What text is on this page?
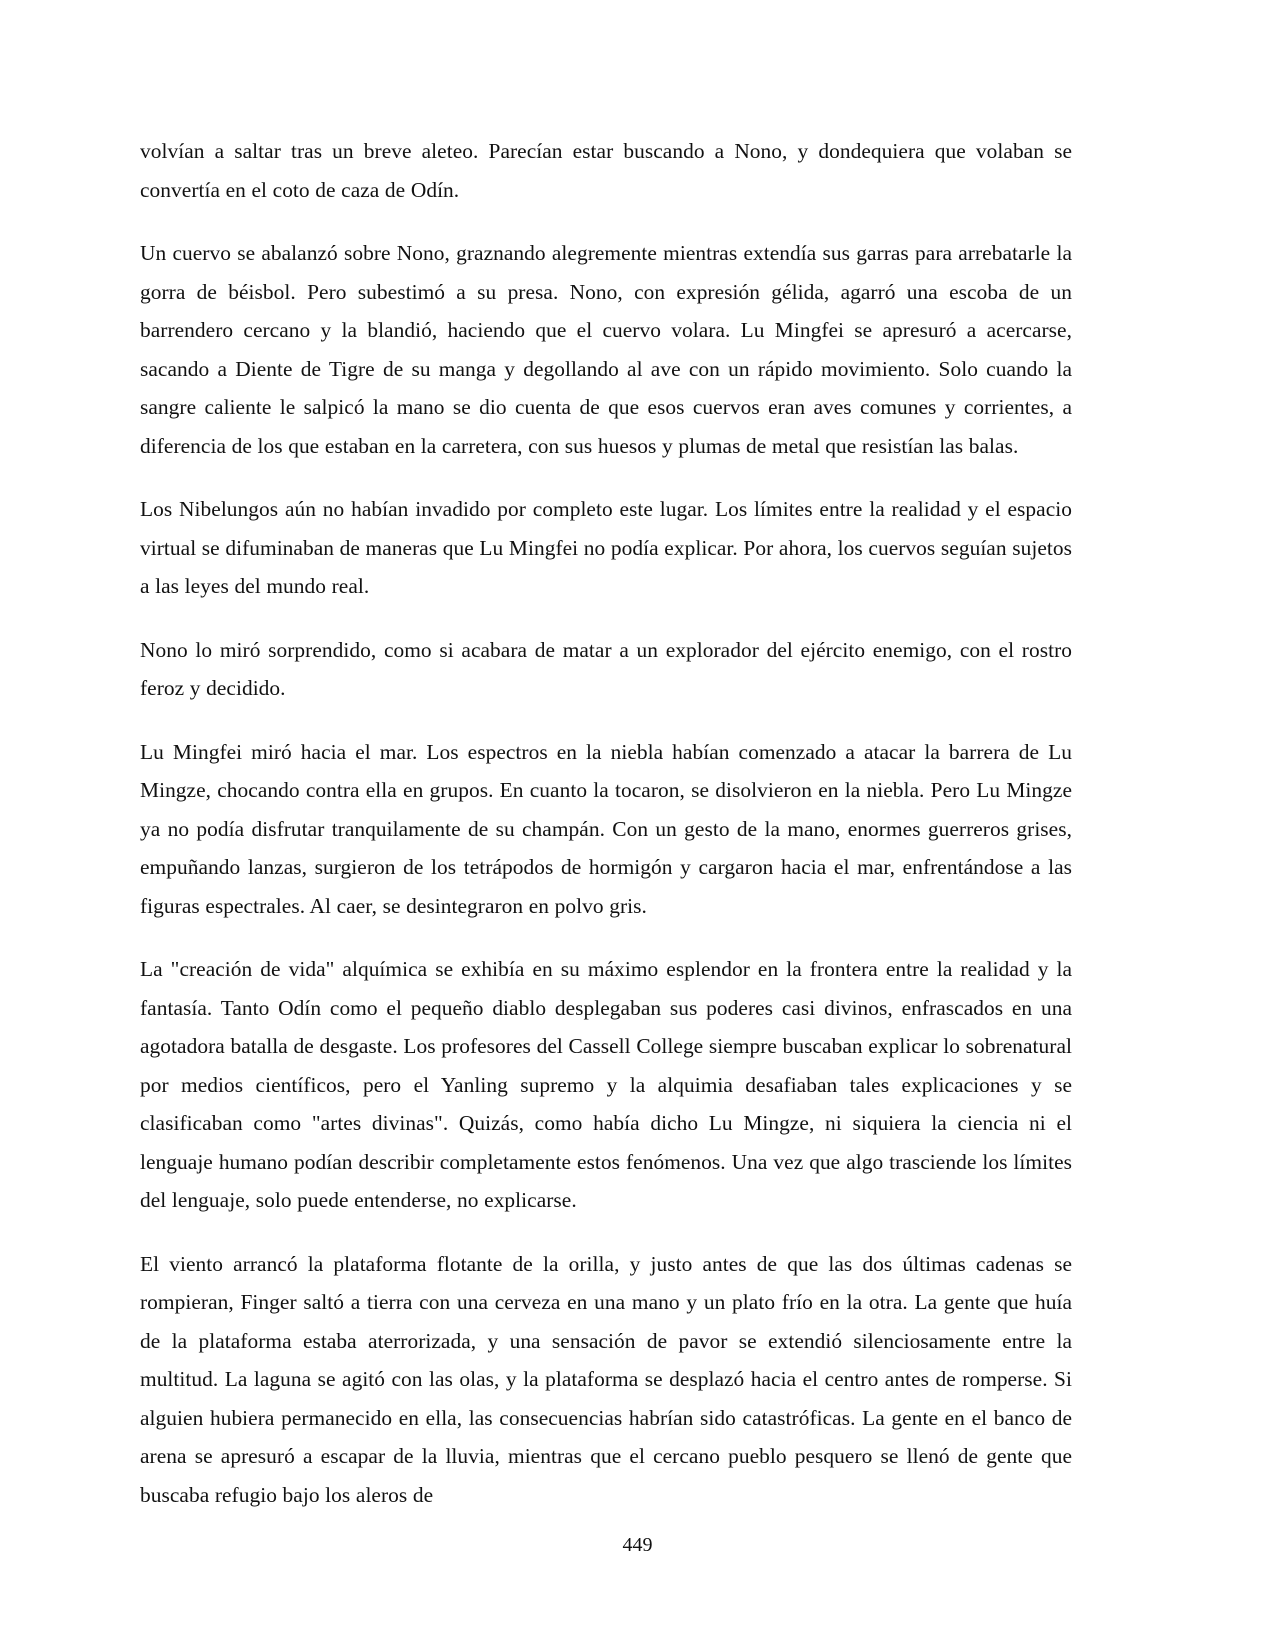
volvían a saltar tras un breve aleteo. Parecían estar buscando a Nono, y dondequiera que volaban se convertía en el coto de caza de Odín.

Un cuervo se abalanzó sobre Nono, graznando alegremente mientras extendía sus garras para arrebatarle la gorra de béisbol. Pero subestimó a su presa. Nono, con expresión gélida, agarró una escoba de un barrendero cercano y la blandió, haciendo que el cuervo volara. Lu Mingfei se apresuró a acercarse, sacando a Diente de Tigre de su manga y degollando al ave con un rápido movimiento. Solo cuando la sangre caliente le salpicó la mano se dio cuenta de que esos cuervos eran aves comunes y corrientes, a diferencia de los que estaban en la carretera, con sus huesos y plumas de metal que resistían las balas.

Los Nibelungos aún no habían invadido por completo este lugar. Los límites entre la realidad y el espacio virtual se difuminaban de maneras que Lu Mingfei no podía explicar. Por ahora, los cuervos seguían sujetos a las leyes del mundo real.

Nono lo miró sorprendido, como si acabara de matar a un explorador del ejército enemigo, con el rostro feroz y decidido.

Lu Mingfei miró hacia el mar. Los espectros en la niebla habían comenzado a atacar la barrera de Lu Mingze, chocando contra ella en grupos. En cuanto la tocaron, se disolvieron en la niebla. Pero Lu Mingze ya no podía disfrutar tranquilamente de su champán. Con un gesto de la mano, enormes guerreros grises, empuñando lanzas, surgieron de los tetrápodos de hormigón y cargaron hacia el mar, enfrentándose a las figuras espectrales. Al caer, se desintegraron en polvo gris.

La "creación de vida" alquímica se exhibía en su máximo esplendor en la frontera entre la realidad y la fantasía. Tanto Odín como el pequeño diablo desplegaban sus poderes casi divinos, enfrascados en una agotadora batalla de desgaste. Los profesores del Cassell College siempre buscaban explicar lo sobrenatural por medios científicos, pero el Yanling supremo y la alquimia desafiaban tales explicaciones y se clasificaban como "artes divinas". Quizás, como había dicho Lu Mingze, ni siquiera la ciencia ni el lenguaje humano podían describir completamente estos fenómenos. Una vez que algo trasciende los límites del lenguaje, solo puede entenderse, no explicarse.

El viento arrancó la plataforma flotante de la orilla, y justo antes de que las dos últimas cadenas se rompieran, Finger saltó a tierra con una cerveza en una mano y un plato frío en la otra. La gente que huía de la plataforma estaba aterrorizada, y una sensación de pavor se extendió silenciosamente entre la multitud. La laguna se agitó con las olas, y la plataforma se desplazó hacia el centro antes de romperse. Si alguien hubiera permanecido en ella, las consecuencias habrían sido catastróficas. La gente en el banco de arena se apresuró a escapar de la lluvia, mientras que el cercano pueblo pesquero se llenó de gente que buscaba refugio bajo los aleros de

449
